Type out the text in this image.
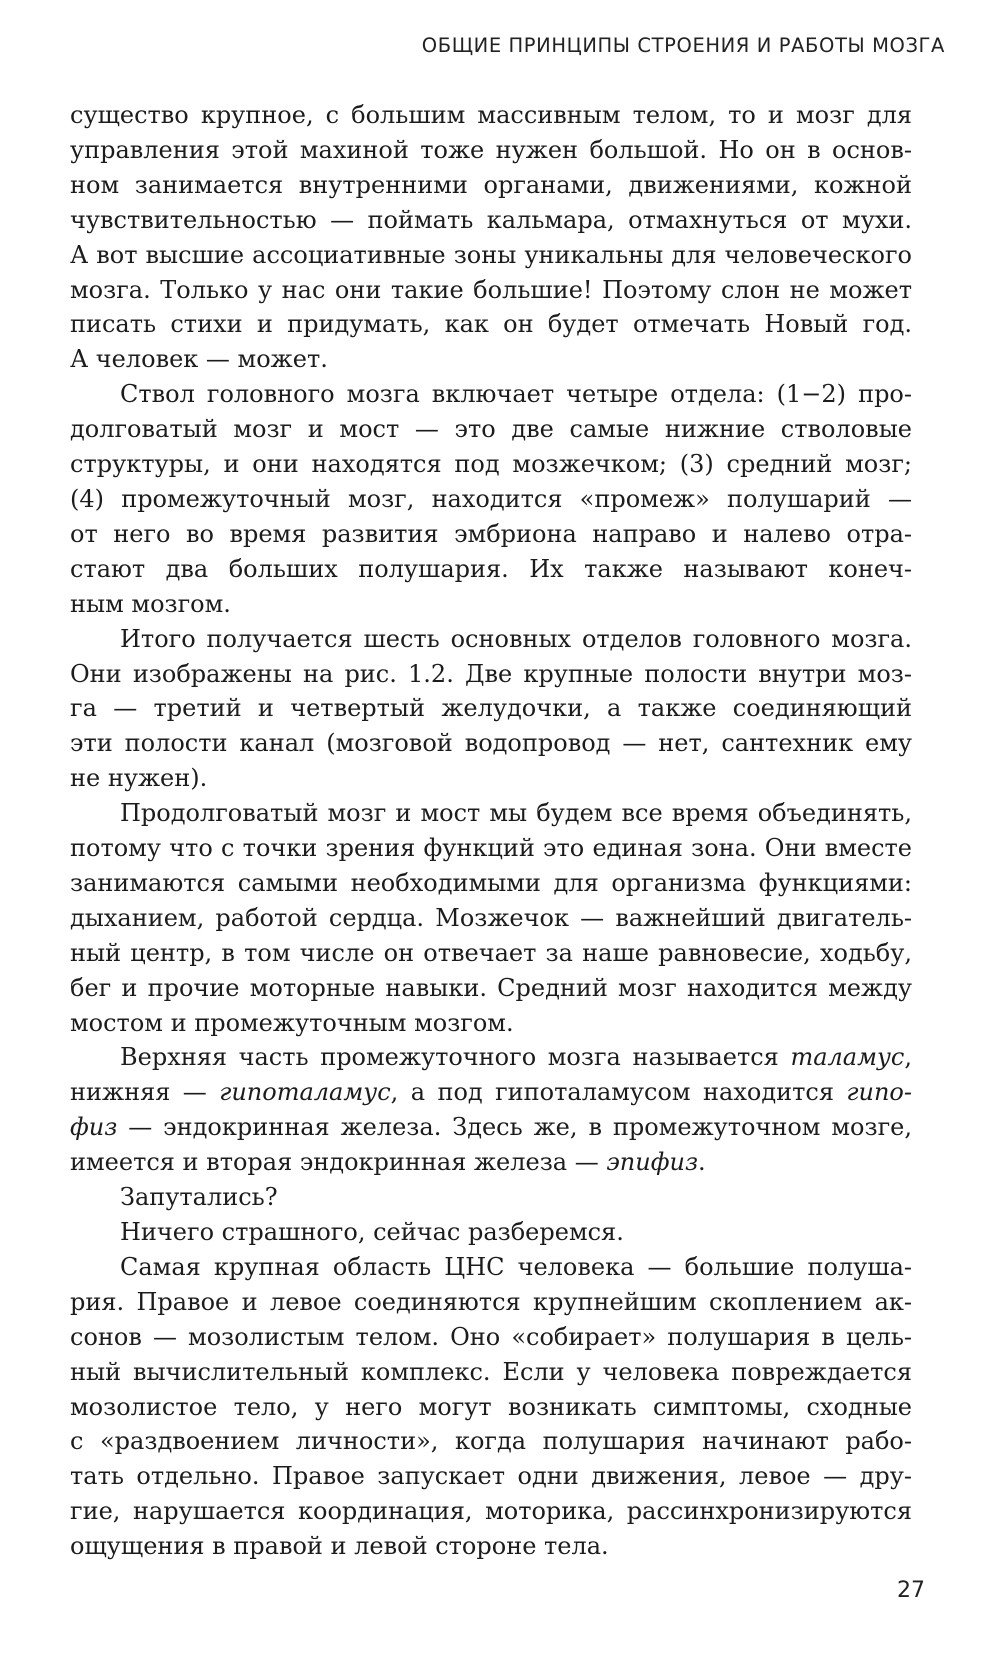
ОБЩИЕ ПРИНЦИПЫ СТРОЕНИЯ И РАБОТЫ МОЗГА
существо крупное, с большим массивным телом, то и мозг для
управления этой махиной тоже нужен большой. Но он в основ-
ном занимается внутренними органами, движениями, кожной
чувствительностью — поймать кальмара, отмахнуться от мухи.
А вот высшие ассоциативные зоны уникальны для человеческого
мозга. Только у нас они такие большие! Поэтому слон не может
писать стихи и придумать, как он будет отмечать Новый год.
А человек — может.
Ствол головного мозга включает четыре отдела: (1−2) про-
долговатый мозг и мост — это две самые нижние стволовые
структуры, и они находятся под мозжечком; (3) средний мозг;
(4) промежуточный мозг, находится «промеж» полушарий —
от него во время развития эмбриона направо и налево отра-
стают два больших полушария. Их также называют конеч-
ным мозгом.
Итого получается шесть основных отделов головного мозга.
Они изображены на рис. 1.2. Две крупные полости внутри моз-
га — третий и четвертый желудочки, а также соединяющий
эти полости канал (мозговой водопровод — нет, сантехник ему
не нужен).
Продолговатый мозг и мост мы будем все время объединять,
потому что с точки зрения функций это единая зона. Они вместе
занимаются самыми необходимыми для организма функциями:
дыханием, работой сердца. Мозжечок — важнейший двигатель-
ный центр, в том числе он отвечает за наше равновесие, ходьбу,
бег и прочие моторные навыки. Средний мозг находится между
мостом и промежуточным мозгом.
Верхняя часть промежуточного мозга называется таламус,
нижняя — гипоталамус, а под гипоталамусом находится гипо-
физ — эндокринная железа. Здесь же, в промежуточном мозге,
имеется и вторая эндокринная железа — эпифиз.
Запутались?
Ничего страшного, сейчас разберемся.
Самая крупная область ЦНС человека — большие полуша-
рия. Правое и левое соединяются крупнейшим скоплением ак-
сонов — мозолистым телом. Оно «собирает» полушария в цель-
ный вычислительный комплекс. Если у человека повреждается
мозолистое тело, у него могут возникать симптомы, сходные
с «раздвоением личности», когда полушария начинают рабо-
тать отдельно. Правое запускает одни движения, левое — дру-
гие, нарушается координация, моторика, рассинхронизируются
ощущения в правой и левой стороне тела.
27
